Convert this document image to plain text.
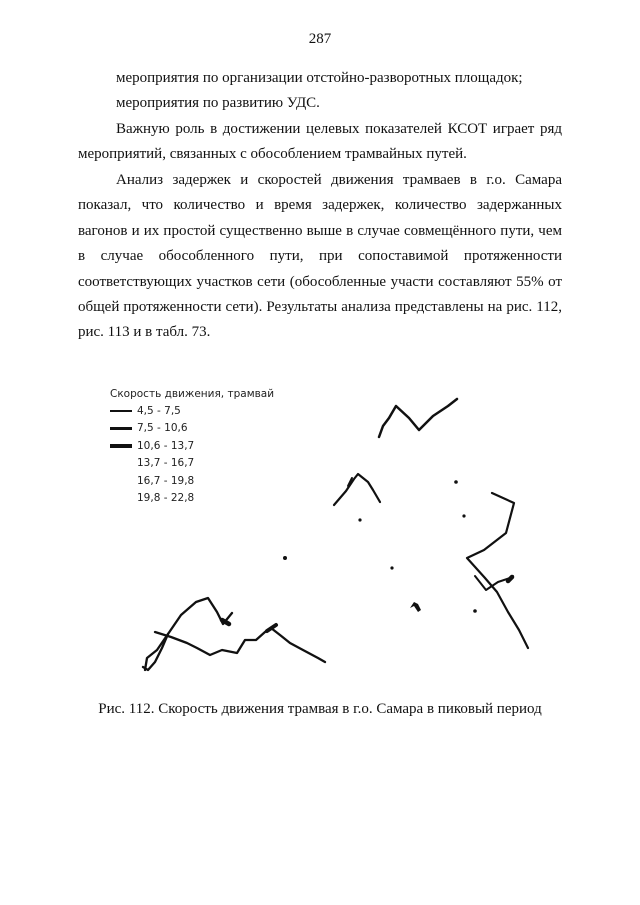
287

мероприятия по организации отстойно-разворотных площадок;

мероприятия по развитию УДС.

Важную роль в достижении целевых показателей КСОТ играет ряд мероприятий, связанных с обособлением трамвайных путей.

Анализ задержек и скоростей движения трамваев в г.о. Самара показал, что количество и время задержек, количество задержанных вагонов и их простой существенно выше в случае совмещённого пути, чем в случае обособленного пути, при сопоставимой протяженности соответствующих участков сети (обособленные участи составляют 55% от общей протяженности сети). Результаты анализа представлены на рис. 112, рис. 113 и в табл. 73.

Скорость движения, трамвай
4,5 - 7,5
7,5 - 10,6
10,6 - 13,7
13,7 - 16,7
16,7 - 19,8
19,8 - 22,8
Рис. 112. Скорость движения трамвая в г.о. Самара в пиковый период
